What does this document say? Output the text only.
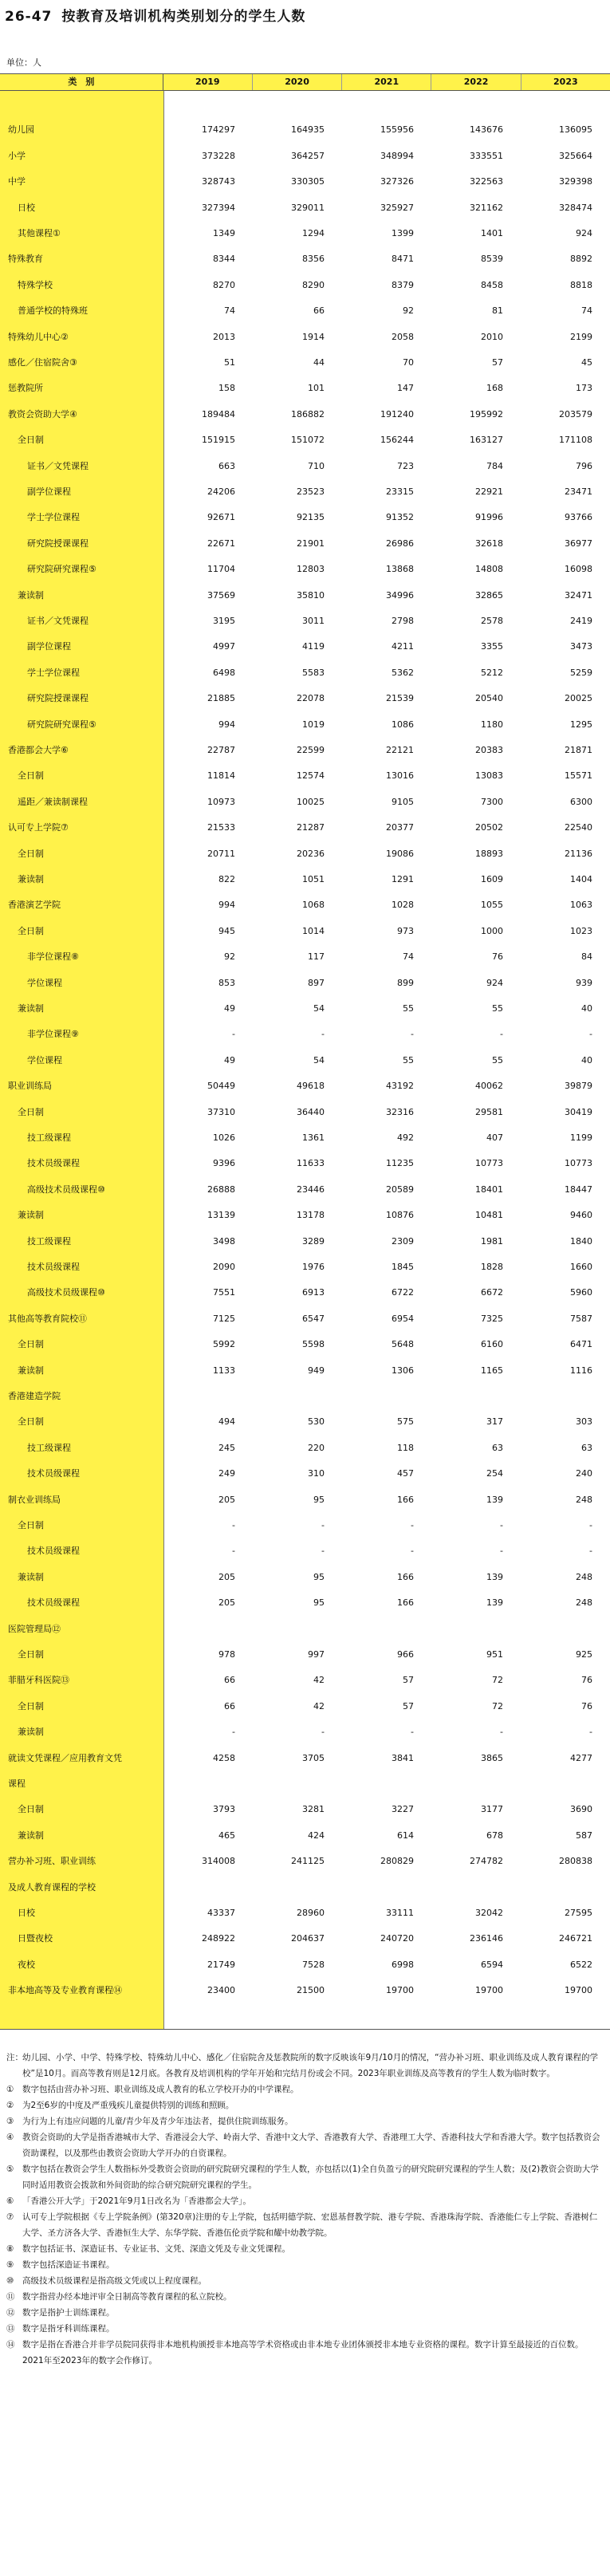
26-47 按教育及培训机构类别划分的学生人数
单位：人
类　别	2019	2020	2021	2022	2023
幼儿园	174297	164935	155956	143676	136095
小学	373228	364257	348994	333551	325664
中学	328743	330305	327326	322563	329398
日校	327394	329011	325927	321162	328474
其他课程①	1349	1294	1399	1401	924
特殊教育	8344	8356	8471	8539	8892
特殊学校	8270	8290	8379	8458	8818
普通学校的特殊班	74	66	92	81	74
特殊幼儿中心②	2013	1914	2058	2010	2199
感化／住宿院舍③	51	44	70	57	45
惩教院所	158	101	147	168	173
教资会资助大学④	189484	186882	191240	195992	203579
全日制	151915	151072	156244	163127	171108
证书／文凭课程	663	710	723	784	796
副学位课程	24206	23523	23315	22921	23471
学士学位课程	92671	92135	91352	91996	93766
研究院授课课程	22671	21901	26986	32618	36977
研究院研究课程⑤	11704	12803	13868	14808	16098
兼读制	37569	35810	34996	32865	32471
证书／文凭课程	3195	3011	2798	2578	2419
副学位课程	4997	4119	4211	3355	3473
学士学位课程	6498	5583	5362	5212	5259
研究院授课课程	21885	22078	21539	20540	20025
研究院研究课程⑤	994	1019	1086	1180	1295
香港都会大学⑥	22787	22599	22121	20383	21871
全日制	11814	12574	13016	13083	15571
遥距／兼读制课程	10973	10025	9105	7300	6300
认可专上学院⑦	21533	21287	20377	20502	22540
全日制	20711	20236	19086	18893	21136
兼读制	822	1051	1291	1609	1404
香港演艺学院	994	1068	1028	1055	1063
全日制	945	1014	973	1000	1023
非学位课程⑧	92	117	74	76	84
学位课程	853	897	899	924	939
兼读制	49	54	55	55	40
非学位课程⑨	-	-	-	-	-
学位课程	49	54	55	55	40
职业训练局	50449	49618	43192	40062	39879
全日制	37310	36440	32316	29581	30419
技工级课程	1026	1361	492	407	1199
技术员级课程	9396	11633	11235	10773	10773
高级技术员级课程⑩	26888	23446	20589	18401	18447
兼读制	13139	13178	10876	10481	9460
技工级课程	3498	3289	2309	1981	1840
技术员级课程	2090	1976	1845	1828	1660
高级技术员级课程⑩	7551	6913	6722	6672	5960
其他高等教育院校⑪	7125	6547	6954	7325	7587
全日制	5992	5598	5648	6160	6471
兼读制	1133	949	1306	1165	1116
香港建造学院
全日制	494	530	575	317	303
技工级课程	245	220	118	63	63
技术员级课程	249	310	457	254	240
制衣业训练局	205	95	166	139	248
全日制	-	-	-	-	-
技术员级课程	-	-	-	-	-
兼读制	205	95	166	139	248
技术员级课程	205	95	166	139	248
医院管理局⑫
全日制	978	997	966	951	925
菲腊牙科医院⑬	66	42	57	72	76
全日制	66	42	57	72	76
兼读制	-	-	-	-	-
就读文凭课程／应用教育文凭	4258	3705	3841	3865	4277
课程
全日制	3793	3281	3227	3177	3690
兼读制	465	424	614	678	587
营办补习班、职业训练	314008	241125	280829	274782	280838
及成人教育课程的学校
日校	43337	28960	33111	32042	27595
日暨夜校	248922	204637	240720	236146	246721
夜校	21749	7528	6998	6594	6522
非本地高等及专业教育课程⑭	23400	21500	19700	19700	19700
注： 幼儿园、小学、中学、特殊学校、特殊幼儿中心、感化／住宿院舍及惩教院所的数字反映该年9月/10月的情况，“营办补习班、职业训练及成人教育课程的学校”是10月。而高等教育则是12月底。各教育及培训机构的学年开始和完结月份或会不同。2023年职业训练及高等教育的学生人数为临时数字。
① 数字包括由营办补习班、职业训练及成人教育的私立学校开办的中学课程。
② 为2至6岁的中度及严重残疾儿童提供特别的训练和照顾。
③ 为行为上有违应问题的儿童/青少年及青少年违法者，提供住院训练服务。
④ 教资会资助的大学是指香港城市大学、香港浸会大学、岭南大学、香港中文大学、香港教育大学、香港理工大学、香港科技大学和香港大学。数字包括教资会资助课程，以及那些由教资会资助大学开办的自资课程。
⑤ 数字包括在教资会学生人数指标外受教资会资助的研究院研究课程的学生人数，亦包括以(1)全自负盈亏的研究院研究课程的学生人数；及(2)教资会资助大学同时适用教资会拨款和外间资助的综合研究院研究课程的学生。
⑥ 「香港公开大学」于2021年9月1日改名为「香港都会大学」。
⑦ 认可专上学院根据《专上学院条例》(第320章)注册的专上学院，包括明德学院、宏恩基督教学院、港专学院、香港珠海学院、香港能仁专上学院、香港树仁大学、圣方济各大学、香港恒生大学、东华学院、香港伍伦贡学院和耀中幼教学院。
⑧ 数字包括证书、深造证书、专业证书、文凭、深造文凭及专业文凭课程。
⑨ 数字包括深造证书课程。
⑩ 高级技术员级课程是指高级文凭或以上程度课程。
⑪ 数字指营办经本地评审全日制高等教育课程的私立院校。
⑫ 数字是指护士训练课程。
⑬ 数字是指牙科训练课程。
⑭ 数字是指在香港合并非学员院同获得非本地机构颁授非本地高等学术资格或由非本地专业团体颁授非本地专业资格的课程。数字计算至最接近的百位数。2021年至2023年的数字会作修订。
